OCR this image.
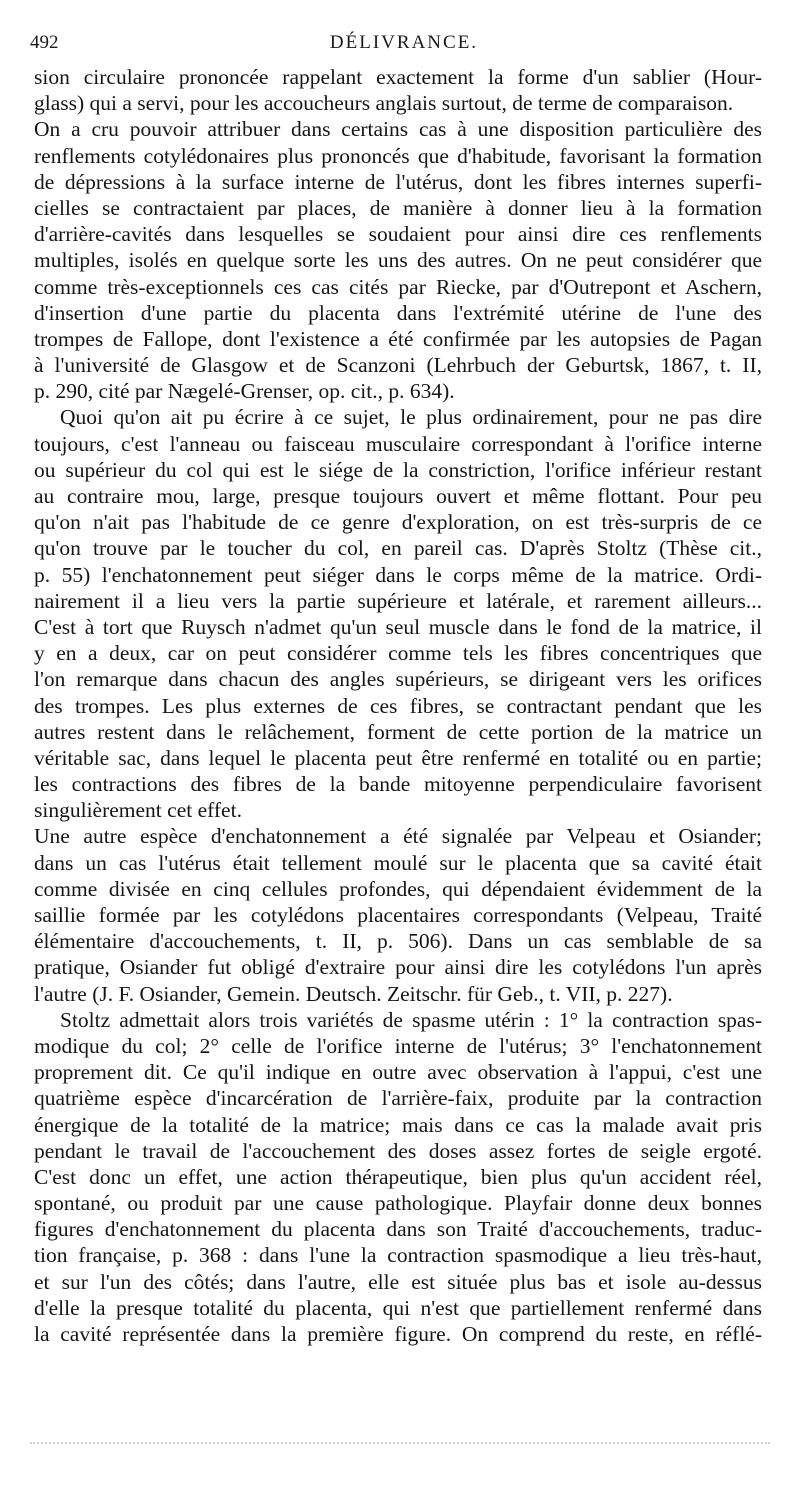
492	DÉLIVRANCE.
sion circulaire prononcée rappelant exactement la forme d'un sablier (Hour-
glass) qui a servi, pour les accoucheurs anglais surtout, de terme de comparaison.
On a cru pouvoir attribuer dans certains cas à une disposition particulière des
renflements cotylédonaires plus prononcés que d'habitude, favorisant la formation
de dépressions à la surface interne de l'utérus, dont les fibres internes superfi-
cielles se contractaient par places, de manière à donner lieu à la formation
d'arrière-cavités dans lesquelles se soudaient pour ainsi dire ces renflements
multiples, isolés en quelque sorte les uns des autres. On ne peut considérer que
comme très-exceptionnels ces cas cités par Riecke, par d'Outrepont et Aschern,
d'insertion d'une partie du placenta dans l'extrémité utérine de l'une des
trompes de Fallope, dont l'existence a été confirmée par les autopsies de Pagan
à l'université de Glasgow et de Scanzoni (Lehrbuch der Geburtsk, 1867, t. II,
p. 290, cité par Nægelé-Grenser, op. cit., p. 634).
Quoi qu'on ait pu écrire à ce sujet, le plus ordinairement, pour ne pas dire
toujours, c'est l'anneau ou faisceau musculaire correspondant à l'orifice interne
ou supérieur du col qui est le siége de la constriction, l'orifice inférieur restant
au contraire mou, large, presque toujours ouvert et même flottant. Pour peu
qu'on n'ait pas l'habitude de ce genre d'exploration, on est très-surpris de ce
qu'on trouve par le toucher du col, en pareil cas. D'après Stoltz (Thèse cit.,
p. 55) l'enchatonnement peut siéger dans le corps même de la matrice. Ordi-
nairement il a lieu vers la partie supérieure et latérale, et rarement ailleurs...
C'est à tort que Ruysch n'admet qu'un seul muscle dans le fond de la matrice, il
y en a deux, car on peut considérer comme tels les fibres concentriques que
l'on remarque dans chacun des angles supérieurs, se dirigeant vers les orifices
des trompes. Les plus externes de ces fibres, se contractant pendant que les
autres restent dans le relâchement, forment de cette portion de la matrice un
véritable sac, dans lequel le placenta peut être renfermé en totalité ou en partie;
les contractions des fibres de la bande mitoyenne perpendiculaire favorisent
singulièrement cet effet.
Une autre espèce d'enchatonnement a été signalée par Velpeau et Osiander;
dans un cas l'utérus était tellement moulé sur le placenta que sa cavité était
comme divisée en cinq cellules profondes, qui dépendaient évidemment de la
saillie formée par les cotylédons placentaires correspondants (Velpeau, Traité
élémentaire d'accouchements, t. II, p. 506). Dans un cas semblable de sa
pratique, Osiander fut obligé d'extraire pour ainsi dire les cotylédons l'un après
l'autre (J. F. Osiander, Gemein. Deutsch. Zeitschr. für Geb., t. VII, p. 227).
Stoltz admettait alors trois variétés de spasme utérin : 1° la contraction spas-
modique du col; 2° celle de l'orifice interne de l'utérus; 3° l'enchatonnement
proprement dit. Ce qu'il indique en outre avec observation à l'appui, c'est une
quatrième espèce d'incarcération de l'arrière-faix, produite par la contraction
énergique de la totalité de la matrice; mais dans ce cas la malade avait pris
pendant le travail de l'accouchement des doses assez fortes de seigle ergoté.
C'est donc un effet, une action thérapeutique, bien plus qu'un accident réel,
spontané, ou produit par une cause pathologique. Playfair donne deux bonnes
figures d'enchatonnement du placenta dans son Traité d'accouchements, traduc-
tion française, p. 368 : dans l'une la contraction spasmodique a lieu très-haut,
et sur l'un des côtés; dans l'autre, elle est située plus bas et isole au-dessus
d'elle la presque totalité du placenta, qui n'est que partiellement renfermé dans
la cavité représentée dans la première figure. On comprend du reste, en réflé-
